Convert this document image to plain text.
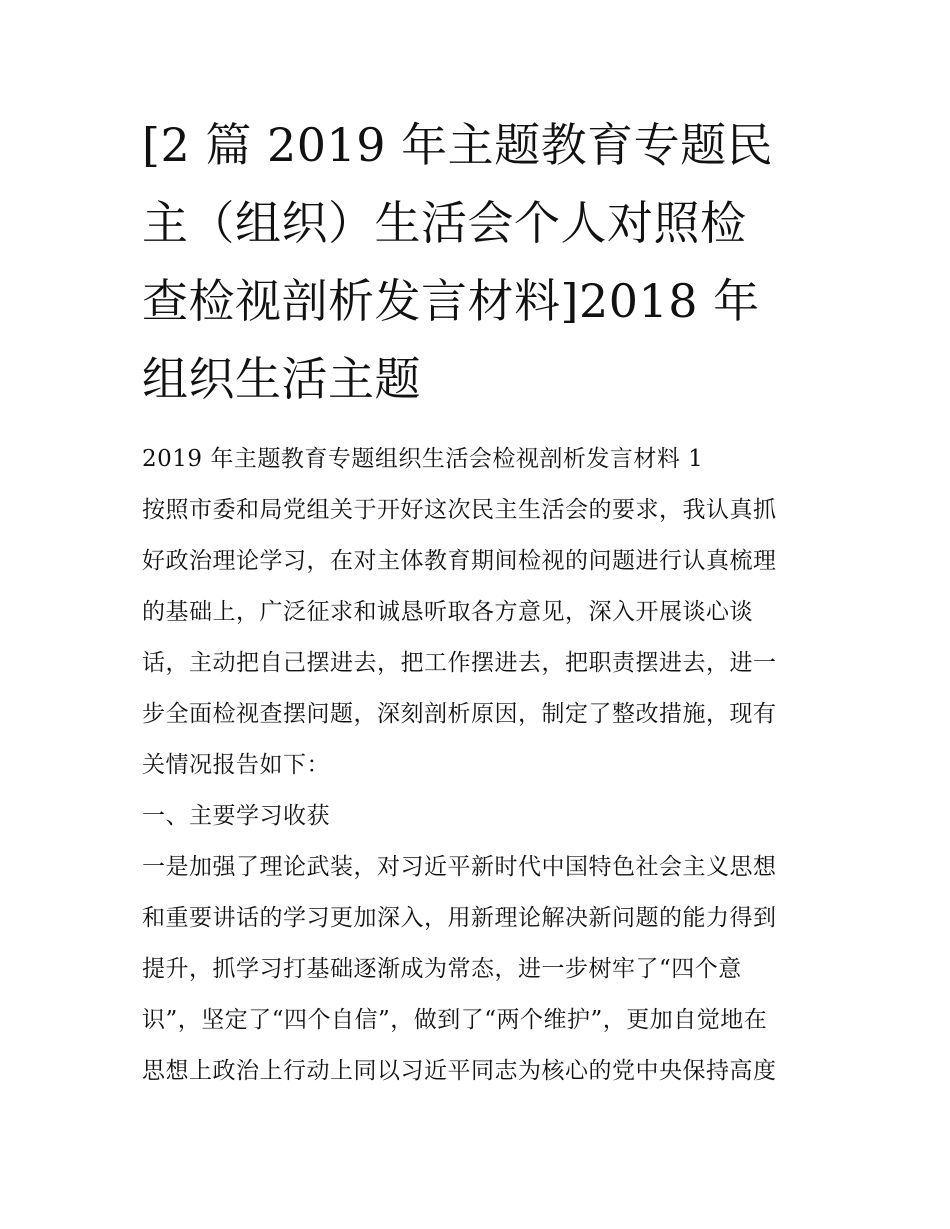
[2 篇 2019 年主题教育专题民
主（组织）生活会个人对照检
查检视剖析发言材料]2018 年
组织生活主题
2019 年主题教育专题组织生活会检视剖析发言材料 1
按照市委和局党组关于开好这次民主生活会的要求，我认真抓
好政治理论学习，在对主体教育期间检视的问题进行认真梳理
的基础上，广泛征求和诚恳听取各方意见，深入开展谈心谈
话，主动把自己摆进去，把工作摆进去，把职责摆进去，进一
步全面检视查摆问题，深刻剖析原因，制定了整改措施，现有
关情况报告如下：
一、主要学习收获
一是加强了理论武装，对习近平新时代中国特色社会主义思想
和重要讲话的学习更加深入，用新理论解决新问题的能力得到
提升，抓学习打基础逐渐成为常态，进一步树牢了“四个意
识”，坚定了“四个自信”，做到了“两个维护”，更加自觉地在
思想上政治上行动上同以习近平同志为核心的党中央保持高度
